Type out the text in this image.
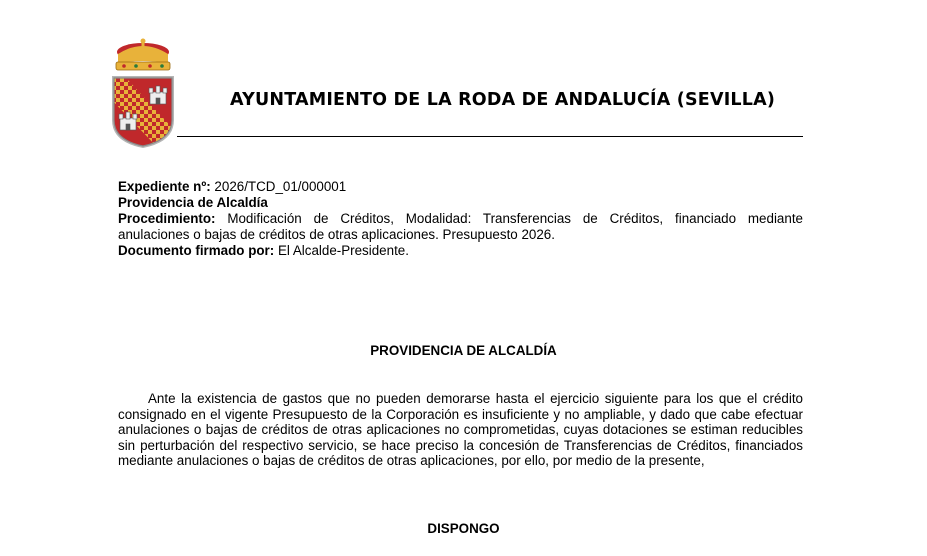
AYUNTAMIENTO DE LA RODA DE ANDALUCÍA (SEVILLA)

Expediente nº: 2026/TCD_01/000001

Providencia de Alcaldía

Procedimiento: Modificación de Créditos, Modalidad: Transferencias de Créditos, financiado mediante anulaciones o bajas de créditos de otras aplicaciones. Presupuesto 2026.

Documento firmado por: El Alcalde-Presidente.

PROVIDENCIA DE ALCALDÍA

Ante la existencia de gastos que no pueden demorarse hasta el ejercicio siguiente para los que el crédito consignado en el vigente Presupuesto de la Corporación es insuficiente y no ampliable, y dado que cabe efectuar anulaciones o bajas de créditos de otras aplicaciones no comprometidas, cuyas dotaciones se estiman reducibles sin perturbación del respectivo servicio, se hace preciso la concesión de Transferencias de Créditos, financiados mediante anulaciones o bajas de créditos de otras aplicaciones, por ello, por medio de la presente,

DISPONGO
